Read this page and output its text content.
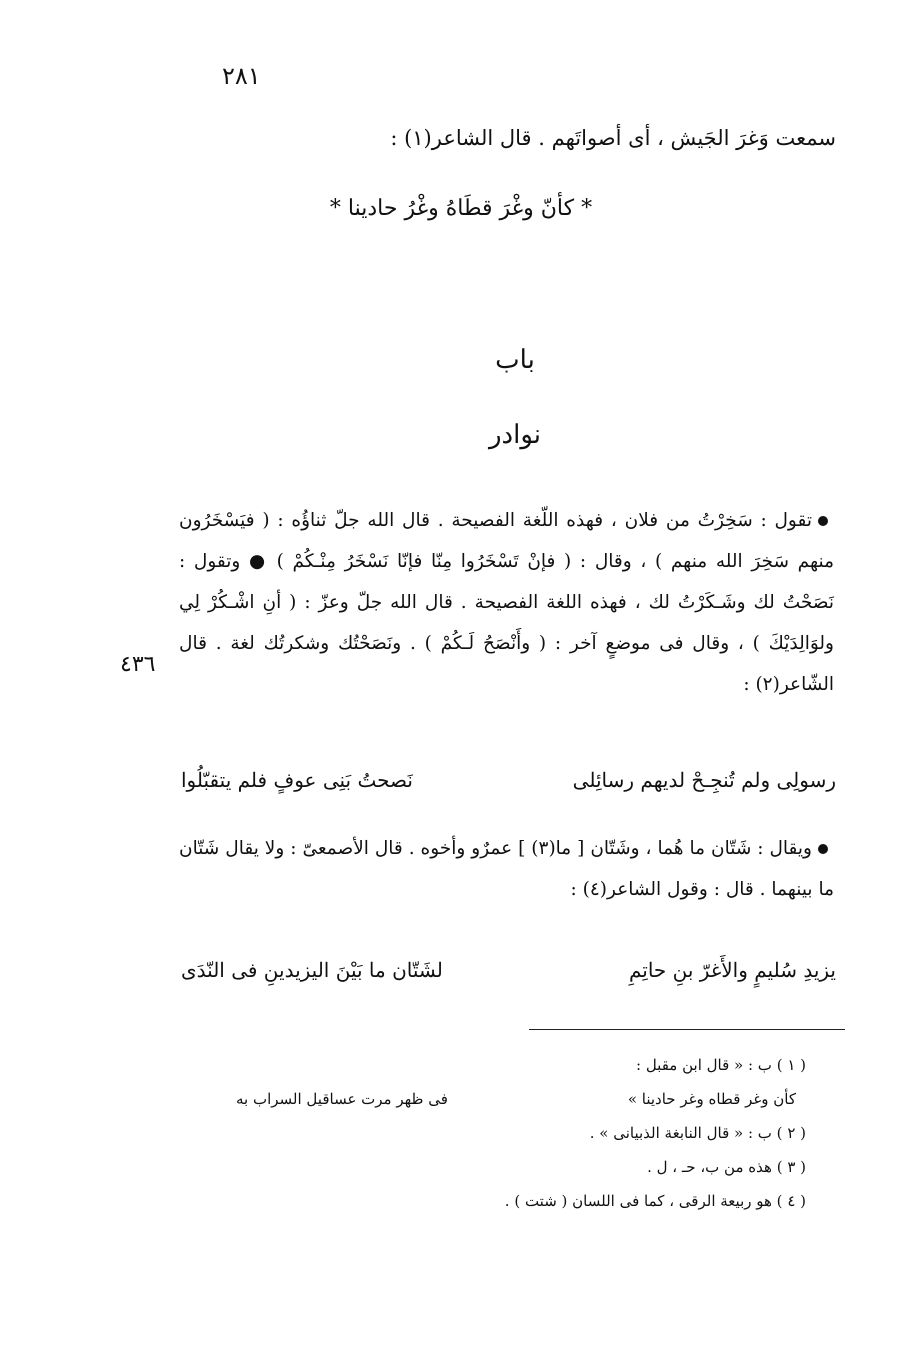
٢٨١
سمعت وَغرَ الجَيش ، أى أصواتَهم . قال الشاعر(١) :
* كأنّ وغْرَ قطَاهُ وغْرُ حادينا *
باب
نوادر
تقول : سَخِرْتُ من فلان ، فهذه اللّغة الفصيحة . قال الله جلّ ثناؤُه : ( فيَسْخَرُون منهم سَخِرَ الله منهم ) ، وقال : ( فإنْ تَسْخَرُوا مِنّا فإنّا نَسْخَرُ مِنْـكُمْ ) ● وتقول : نَصَحْتُ لك وشَـكَرْتُ لك ، فهذه اللغة الفصيحة . قال الله جلّ وعزّ : ( أنِ اشْـكُرْ لِي ولوَالِدَيْكَ ) ، وقال فى موضعٍ آخر : ( وأَنْصَحُ لَـكُمْ ) . ونَصَحْتُك وشكرتُك لغة . قال الشّاعر(٢) :
٤٣٦
نَصحتُ بَنِى عوفٍ فلم يتقبّلُوا	رسولِى ولم تُنجِـحْ لديهم رسائِلى
ويقال : شَتّان ما هُما ، وشَتّان [ ما(٣) ] عمرٌو وأخوه . قال الأصمعىّ : ولا يقال شَتّان ما بينهما . قال : وقول الشاعر(٤) :
لشَتّان ما بَيْنَ اليزيدينِ فى النّدَى	يزيدِ سُليمٍ والأَغرّ بنِ حاتِمِ
( ١ ) ب : « قال ابن مقبل :
فى ظهر مرت عساقيل السراب به	كأن وغر قطاه وغر حادينا »
( ٢ ) ب : « قال النابغة الذبيانى » .
( ٣ ) هذه من ب، حـ ، ل .
( ٤ ) هو ربيعة الرقى ، كما فى اللسان ( شتت ) .
